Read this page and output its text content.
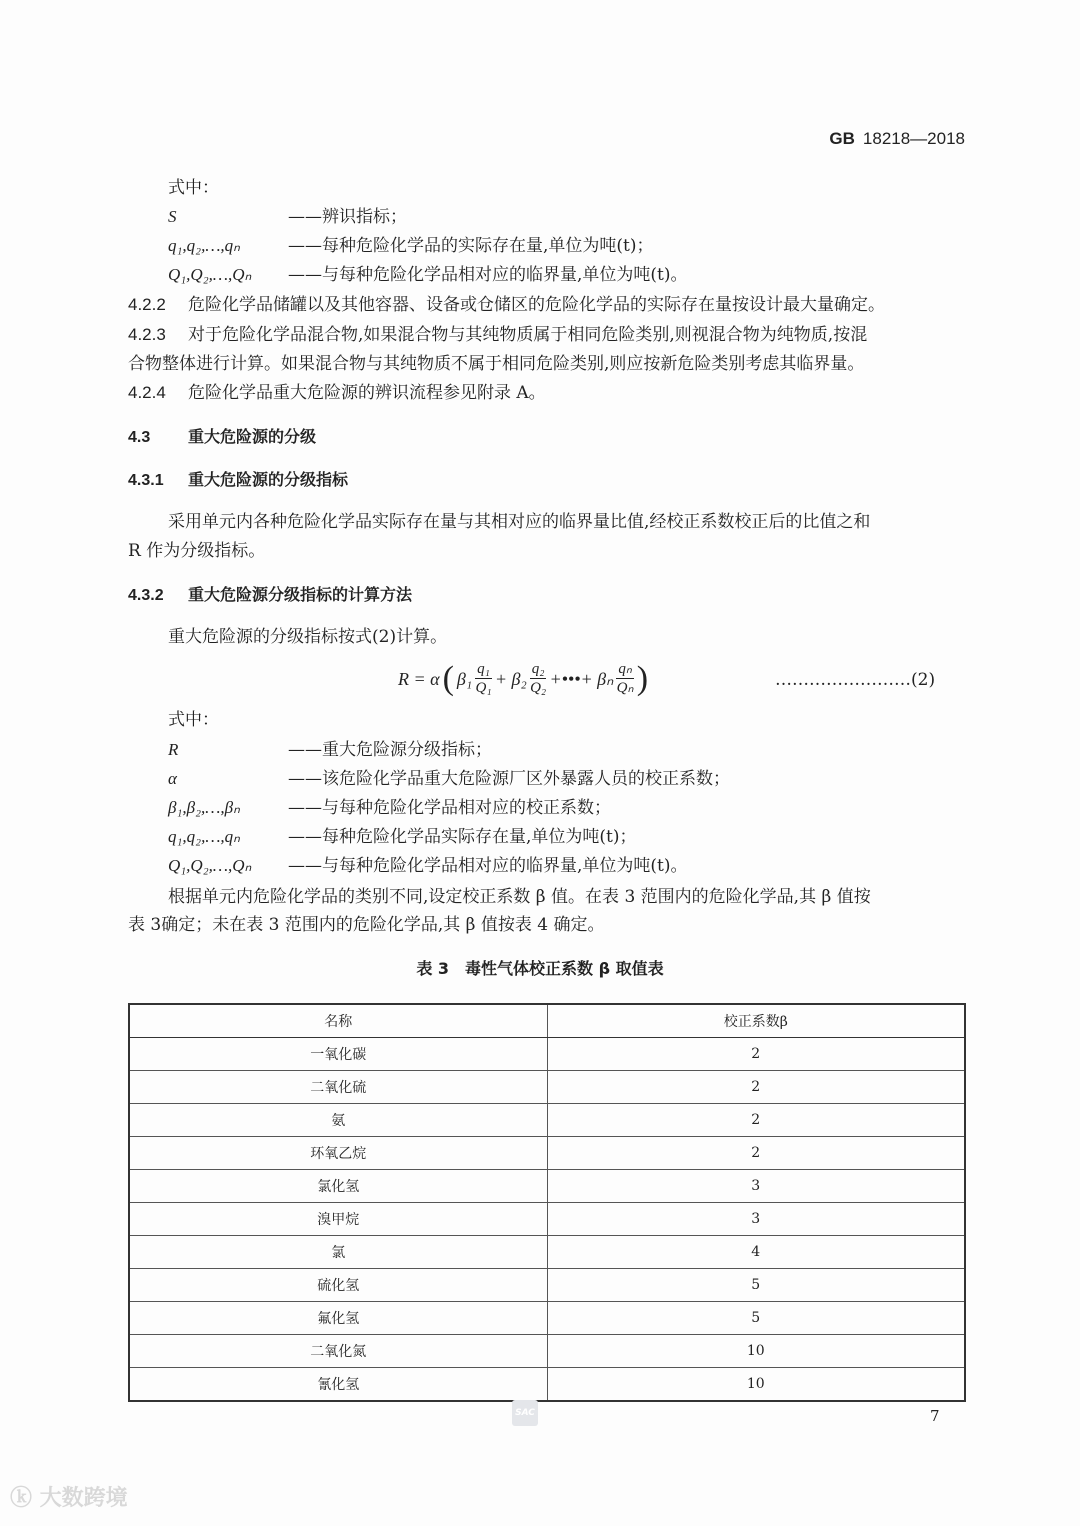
GB 18218—2018
式中：
S	——辨识指标；
q₁,q₂,…,qₙ	——每种危险化学品的实际存在量,单位为吨(t)；
Q₁,Q₂,…,Qₙ ——与每种危险化学品相对应的临界量,单位为吨(t)。
4.2.2 危险化学品储罐以及其他容器、设备或仓储区的危险化学品的实际存在量按设计最大量确定。
4.2.3 对于危险化学品混合物,如果混合物与其纯物质属于相同危险类别,则视混合物为纯物质,按混
合物整体进行计算。如果混合物与其纯物质不属于相同危险类别,则应按新危险类别考虑其临界量。
4.2.4 危险化学品重大危险源的辨识流程参见附录 A。
4.3 重大危险源的分级
4.3.1 重大危险源的分级指标
采用单元内各种危险化学品实际存在量与其相对应的临界量比值,经校正系数校正后的比值之和
R 作为分级指标。
4.3.2 重大危险源分级指标的计算方法
重大危险源的分级指标按式(2)计算。
R = α ( $\beta_1 \frac{\text{q₁}}{\text{Q₁}} + \beta_2 \frac{\text{q₂}}{\text{Q₂}}$ +•••+ βₙ $\frac{\text{qₙ}}{\text{Qₙ}}$ )	……………………(2)
式中：
R	——重大危险源分级指标；
α	——该危险化学品重大危险源厂区外暴露人员的校正系数；
β₁,β₂,…,βₙ	——与每种危险化学品相对应的校正系数；
q₁,q₂,…,qₙ	——每种危险化学品实际存在量,单位为吨(t)；
Q₁,Q₂,…,Qₙ ——与每种危险化学品相对应的临界量,单位为吨(t)。
根据单元内危险化学品的类别不同,设定校正系数 β 值。在表 3 范围内的危险化学品,其 β 值按
表 3确定；未在表 3 范围内的危险化学品,其 β 值按表 4 确定。
表 3　毒性气体校正系数 β 取值表
名称	校正系数β
一氧化碳	2
二氧化硫	2
氨	2
环氧乙烷	2
氯化氢	3
溴甲烷	3
氯	4
硫化氢	5
氟化氢	5
二氧化氮	10
氰化氢	10
7
SAC
ⓚ 大数跨境
